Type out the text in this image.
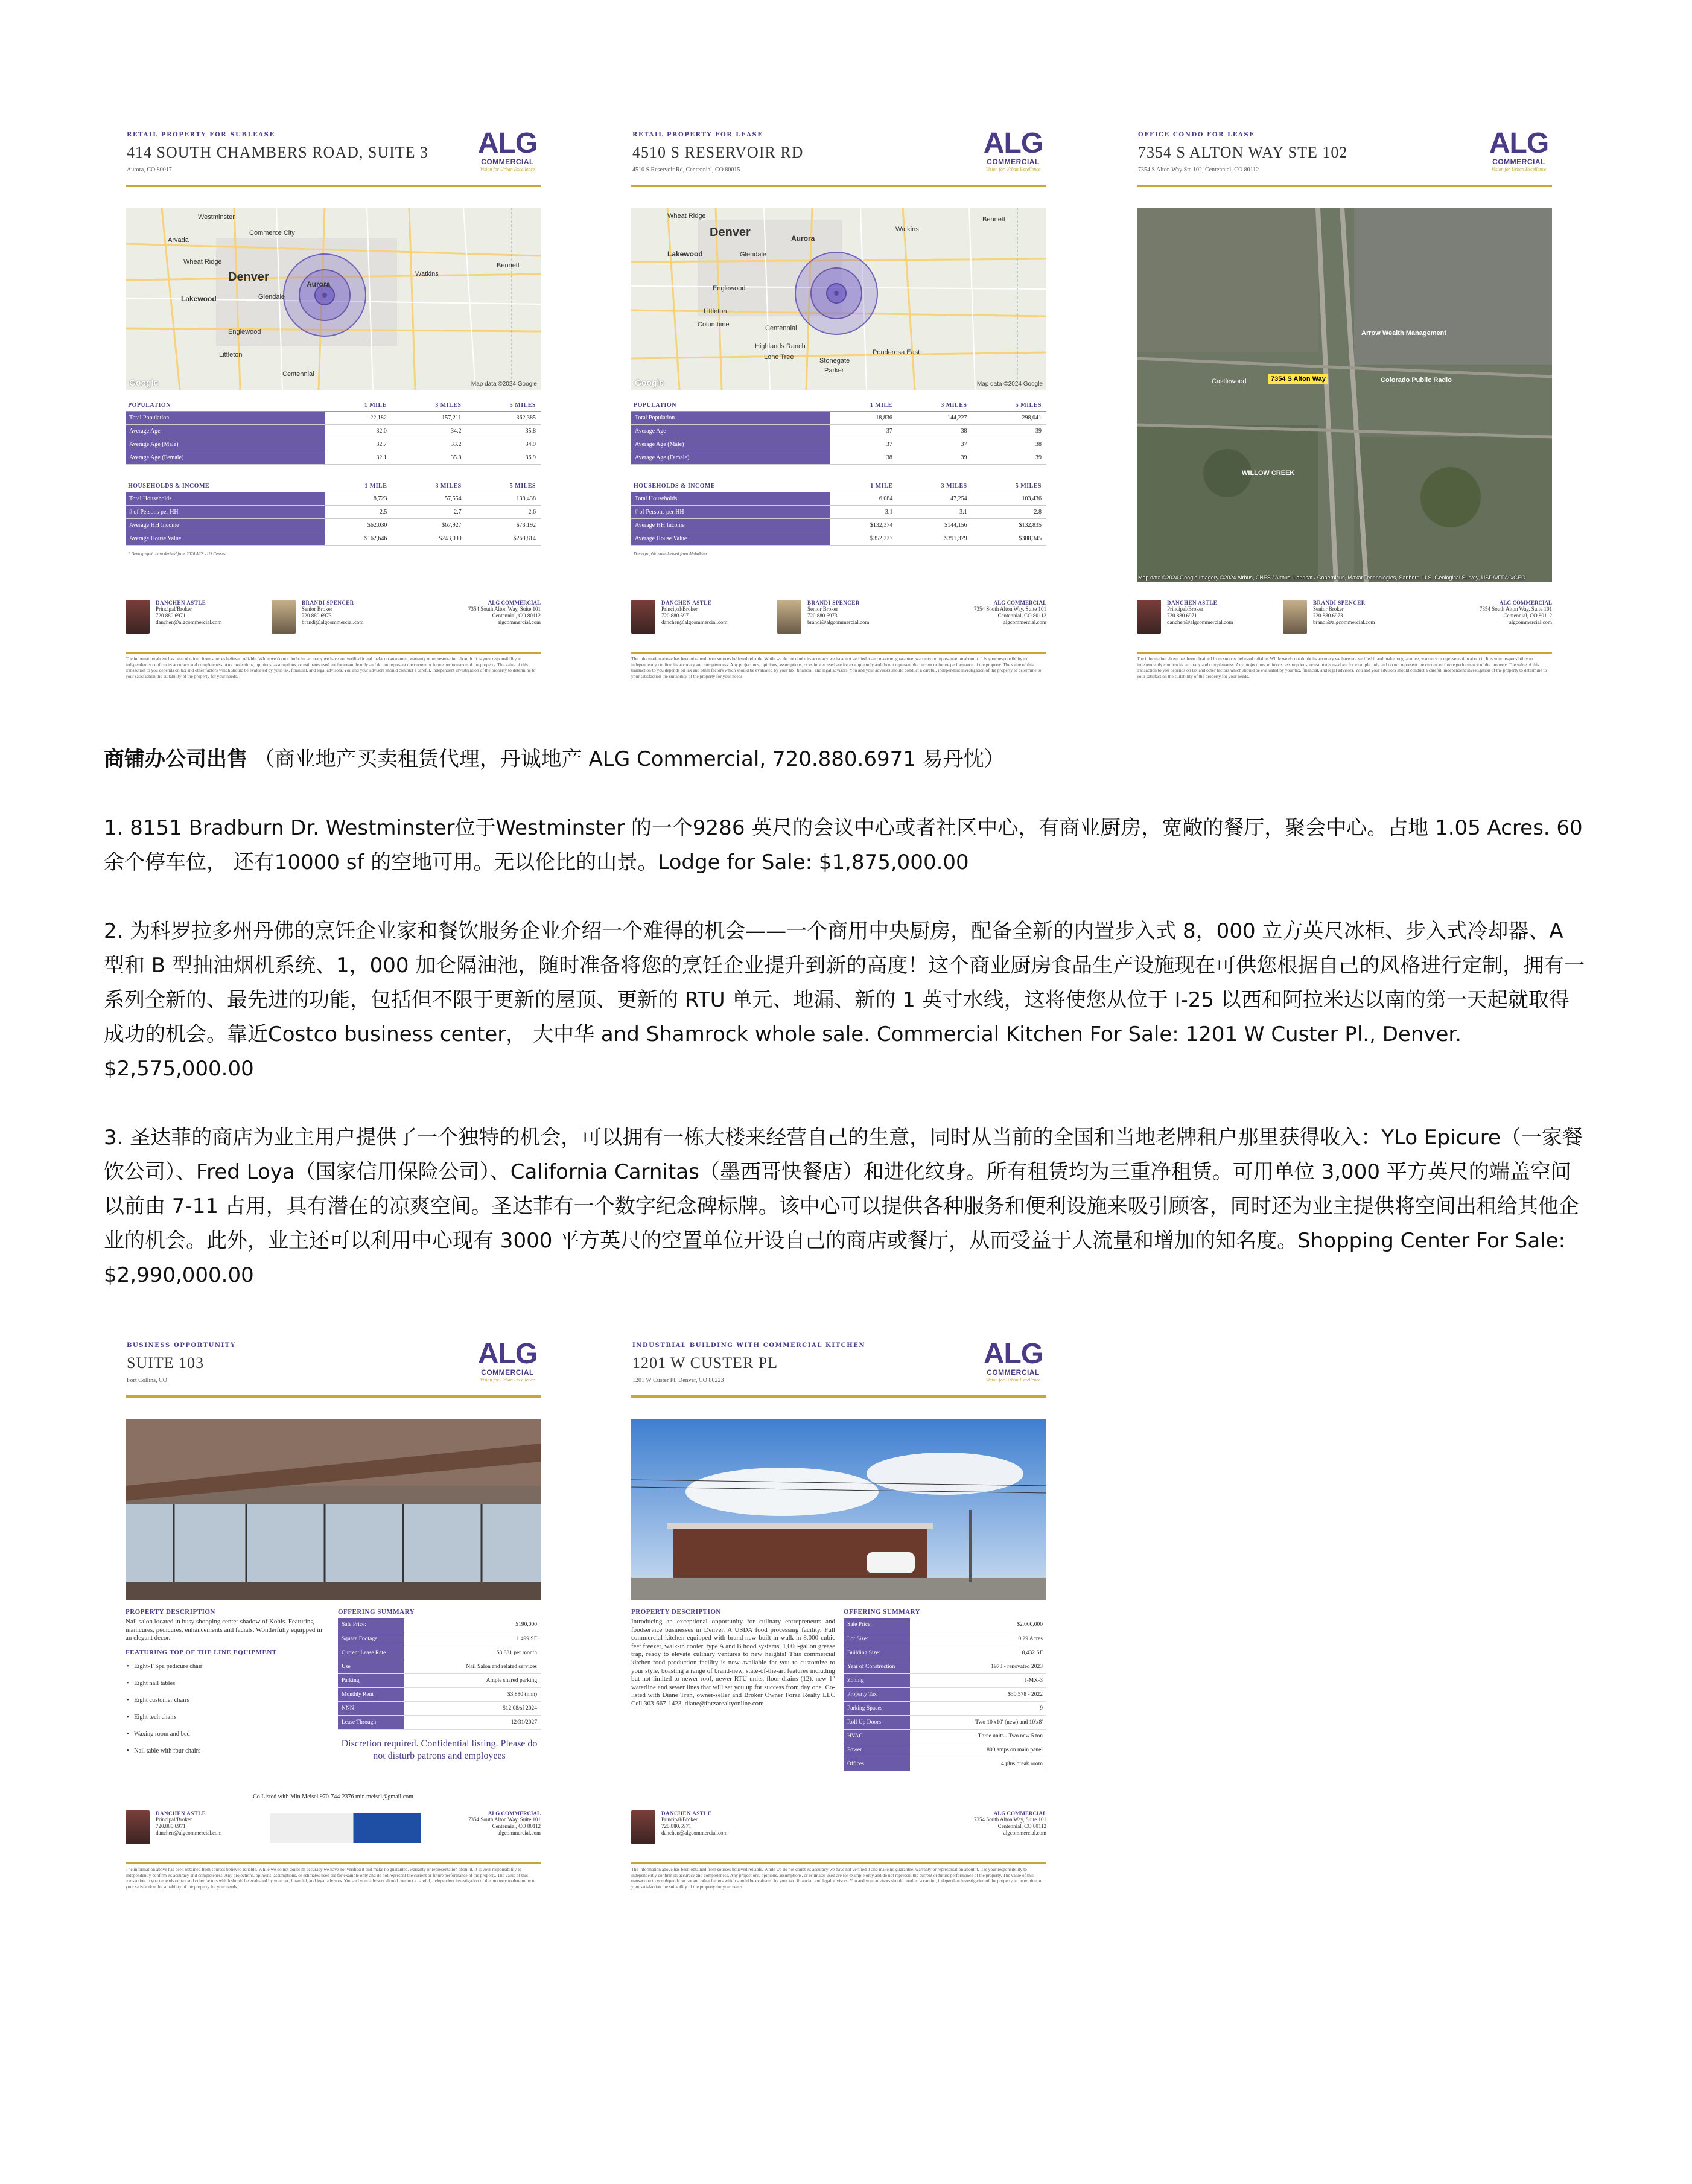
RETAIL PROPERTY FOR SUBLEASE
414 SOUTH CHAMBERS ROAD, SUITE 3
Aurora, CO 80017
ALG
COMMERCIAL
Vision for Urban Excellence
Westminster
Commerce City
Arvada
Wheat Ridge
Denver
Aurora
Lakewood	Glendale
Watkins
Bennett
Englewood
Littleton
Centennial
Google	Map data ©2024 Google
POPULATION	1 MILE	3 MILES	5 MILES
Total Population	22,182	157,211	362,385
Average Age	32.0	34.2	35.8
Average Age (Male)	32.7	33.2	34.9
Average Age (Female)	32.1	35.8	36.9
HOUSEHOLDS & INCOME	1 MILE	3 MILES	5 MILES
Total Households	8,723	57,554	138,438
# of Persons per HH	2.5	2.7	2.6
Average HH Income	$62,030	$67,927	$73,192
Average House Value	$162,646	$243,099	$260,814
* Demographic data derived from 2020 ACS - US Census
DANCHEN ASTLE
Principal/Broker
720.880.6971
danchen@algcommercial.com
BRANDI SPENCER
Senior Broker
720.880.6973
brandi@algcommercial.com
ALG COMMERCIAL
7354 South Alton Way, Suite 101
Centennial, CO 80112
algcommercial.com
The information above has been obtained from sources believed reliable. While we do not doubt its accuracy we have not verified it and make no guarantee, warranty or representation about it. It is your responsibility to independently confirm its accuracy and completeness. Any projections, opinions, assumptions, or estimates used are for example only and do not represent the current or future performance of the property. The value of this transaction to you depends on tax and other factors which should be evaluated by your tax, financial, and legal advisors. You and your advisors should conduct a careful, independent investigation of the property to determine to your satisfaction the suitability of the property for your needs.
RETAIL PROPERTY FOR LEASE
4510 S RESERVOIR RD
4510 S Reservoir Rd, Centennial, CO 80015
ALG
COMMERCIAL
Vision for Urban Excellence
Wheat Ridge
Denver	Aurora
Lakewood	Glendale
Watkins
Bennett
Englewood
Littleton
Centennial
Columbine
Highlands Ranch
Lone Tree	Stonegate
Parker
Ponderosa East
Google	Map data ©2024 Google
POPULATION	1 MILE	3 MILES	5 MILES
Total Population	18,836	144,227	298,041
Average Age	37	38	39
Average Age (Male)	37	37	38
Average Age (Female)	38	39	39
HOUSEHOLDS & INCOME	1 MILE	3 MILES	5 MILES
Total Households	6,084	47,254	103,436
# of Persons per HH	3.1	3.1	2.8
Average HH Income	$132,374	$144,156	$132,835
Average House Value	$352,227	$391,379	$388,345
Demographic data derived from AlphaMap
DANCHEN ASTLE
Principal/Broker
720.880.6971
danchen@algcommercial.com
BRANDI SPENCER
Senior Broker
720.880.6973
brandi@algcommercial.com
ALG COMMERCIAL
7354 South Alton Way, Suite 101
Centennial, CO 80112
algcommercial.com
The information above has been obtained from sources believed reliable. While we do not doubt its accuracy we have not verified it and make no guarantee, warranty or representation about it. It is your responsibility to independently confirm its accuracy and completeness. Any projections, opinions, assumptions, or estimates used are for example only and do not represent the current or future performance of the property. The value of this transaction to you depends on tax and other factors which should be evaluated by your tax, financial, and legal advisors. You and your advisors should conduct a careful, independent investigation of the property to determine to your satisfaction the suitability of the property for your needs.
OFFICE CONDO FOR LEASE
7354 S ALTON WAY STE 102
7354 S Alton Way Ste 102, Centennial, CO 80112
ALG
COMMERCIAL
Vision for Urban Excellence
7354 S Alton Way
Arrow Wealth Management
Colorado Public Radio
WILLOW CREEK
Castlewood
Map data ©2024 Google Imagery ©2024 Airbus, CNES / Airbus, Landsat / Copernicus, Maxar Technologies, Sanborn, U.S. Geological Survey, USDA/FPAC/GEO
DANCHEN ASTLE
Principal/Broker
720.880.6971
danchen@algcommercial.com
BRANDI SPENCER
Senior Broker
720.880.6973
brandi@algcommercial.com
ALG COMMERCIAL
7354 South Alton Way, Suite 101
Centennial, CO 80112
algcommercial.com
The information above has been obtained from sources believed reliable. While we do not doubt its accuracy we have not verified it and make no guarantee, warranty or representation about it. It is your responsibility to independently confirm its accuracy and completeness. Any projections, opinions, assumptions, or estimates used are for example only and do not represent the current or future performance of the property. The value of this transaction to you depends on tax and other factors which should be evaluated by your tax, financial, and legal advisors. You and your advisors should conduct a careful, independent investigation of the property to determine to your satisfaction the suitability of the property for your needs.

商铺办公司出售 （商业地产买卖租赁代理，丹诚地产 ALG Commercial, 720.880.6971 易丹忱）

1. 8151 Bradburn Dr. Westminster位于Westminster 的一个9286 英尺的会议中心或者社区中心，有商业厨房，宽敞的餐厅，聚会中心。占地 1.05 Acres. 60 余个停车位， 还有10000 sf 的空地可用。无以伦比的山景。Lodge for Sale: $1,875,000.00

2. 为科罗拉多州丹佛的烹饪企业家和餐饮服务企业介绍一个难得的机会——一个商用中央厨房，配备全新的内置步入式 8，000 立方英尺冰柜、步入式冷却器、A 型和 B 型抽油烟机系统、1，000 加仑隔油池，随时准备将您的烹饪企业提升到新的高度！这个商业厨房食品生产设施现在可供您根据自己的风格进行定制，拥有一系列全新的、最先进的功能，包括但不限于更新的屋顶、更新的 RTU 单元、地漏、新的 1 英寸水线，这将使您从位于 I-25 以西和阿拉米达以南的第一天起就取得成功的机会。靠近Costco business center， 大中华 and Shamrock whole sale. Commercial Kitchen For Sale: 1201 W Custer Pl., Denver. $2,575,000.00

3. 圣达菲的商店为业主用户提供了一个独特的机会，可以拥有一栋大楼来经营自己的生意，同时从当前的全国和当地老牌租户那里获得收入：YLo Epicure（一家餐饮公司）、Fred Loya（国家信用保险公司）、California Carnitas（墨西哥快餐店）和进化纹身。所有租赁均为三重净租赁。可用单位 3,000 平方英尺的端盖空间以前由 7-11 占用，具有潜在的凉爽空间。圣达菲有一个数字纪念碑标牌。该中心可以提供各种服务和便利设施来吸引顾客，同时还为业主提供将空间出租给其他企业的机会。此外，业主还可以利用中心现有 3000 平方英尺的空置单位开设自己的商店或餐厅，从而受益于人流量和增加的知名度。Shopping Center For Sale: $2,990,000.00

BUSINESS OPPORTUNITY
SUITE 103
Fort Collins, CO
ALG
COMMERCIAL
Vision for Urban Excellence
PROPERTY DESCRIPTION
Nail salon located in busy shopping center shadow of Kohls. Featuring manicures, pedicures, enhancements and facials. Wonderfully equipped in an elegant decor.
FEATURING TOP OF THE LINE EQUIPMENT
• Eight-T Spa pedicure chair
• Eight nail tables
• Eight customer chairs
• Eight tech chairs
• Waxing room and bed
• Nail table with four chairs
OFFERING SUMMARY
Sale Price:	$190,000
Square Footage	1,499 SF
Current Lease Rate	$3,881 per month
Use	Nail Salon and related services
Parking	Ample shared parking
Monthly Rent	$3,880 (nnn)
NNN	$12.08/sf 2024
Lease Through	12/31/2027
Discretion required. Confidential listing. Please do not disturb patrons and employees
Co Listed with Min Meisel 970-744-2376 min.meisel@gmail.com
DANCHEN ASTLE
Principal/Broker
720.880.6971
danchen@algcommercial.com
ALG COMMERCIAL
7354 South Alton Way, Suite 101
Centennial, CO 80112
algcommercial.com
The information above has been obtained from sources believed reliable. While we do not doubt its accuracy we have not verified it and make no guarantee, warranty or representation about it. It is your responsibility to independently confirm its accuracy and completeness. Any projections, opinions, assumptions, or estimates used are for example only and do not represent the current or future performance of the property. The value of this transaction to you depends on tax and other factors which should be evaluated by your tax, financial, and legal advisors. You and your advisors should conduct a careful, independent investigation of the property to determine to your satisfaction the suitability of the property for your needs.
INDUSTRIAL BUILDING WITH COMMERCIAL KITCHEN
1201 W CUSTER PL
1201 W Custer Pl, Denver, CO 80223
ALG
COMMERCIAL
Vision for Urban Excellence
PROPERTY DESCRIPTION
Introducing an exceptional opportunity for culinary entrepreneurs and foodservice businesses in Denver. A USDA food processing facility. Full commercial kitchen equipped with brand-new built-in walk-in 8,000 cubic feet freezer, walk-in cooler, type A and B hood systems, 1,000-gallon grease trap, ready to elevate culinary ventures to new heights! This commercial kitchen-food production facility is now available for you to customize to your style, boasting a range of brand-new, state-of-the-art features including but not limited to newer roof, newer RTU units, floor drains (12), new 1" waterline and sewer lines that will set you up for success from day one. Co-listed with Diane Tran, owner-seller and Broker Owner Forza Realty LLC Cell 303-667-1423. diane@forzarealtyonline.com
OFFERING SUMMARY
Sale Price:	$2,000,000
Lot Size:	0.29 Acres
Building Size:	8,432 SF
Year of Construction	1973 - renovated 2023
Zoning	I-MX-3
Property Tax	$30,578 - 2022
Parking Spaces	9
Roll Up Doors	Two 10'x10' (new) and 10'x8'
HVAC	Three units - Two new 5 ton
Power	800 amps on main panel
Offices	4 plus break room
DANCHEN ASTLE
Principal/Broker
720.880.6971
danchen@algcommercial.com
ALG COMMERCIAL
7354 South Alton Way, Suite 101
Centennial, CO 80112
algcommercial.com
The information above has been obtained from sources believed reliable. While we do not doubt its accuracy we have not verified it and make no guarantee, warranty or representation about it. It is your responsibility to independently confirm its accuracy and completeness. Any projections, opinions, assumptions, or estimates used are for example only and do not represent the current or future performance of the property. The value of this transaction to you depends on tax and other factors which should be evaluated by your tax, financial, and legal advisors. You and your advisors should conduct a careful, independent investigation of the property to determine to your satisfaction the suitability of the property for your needs.
